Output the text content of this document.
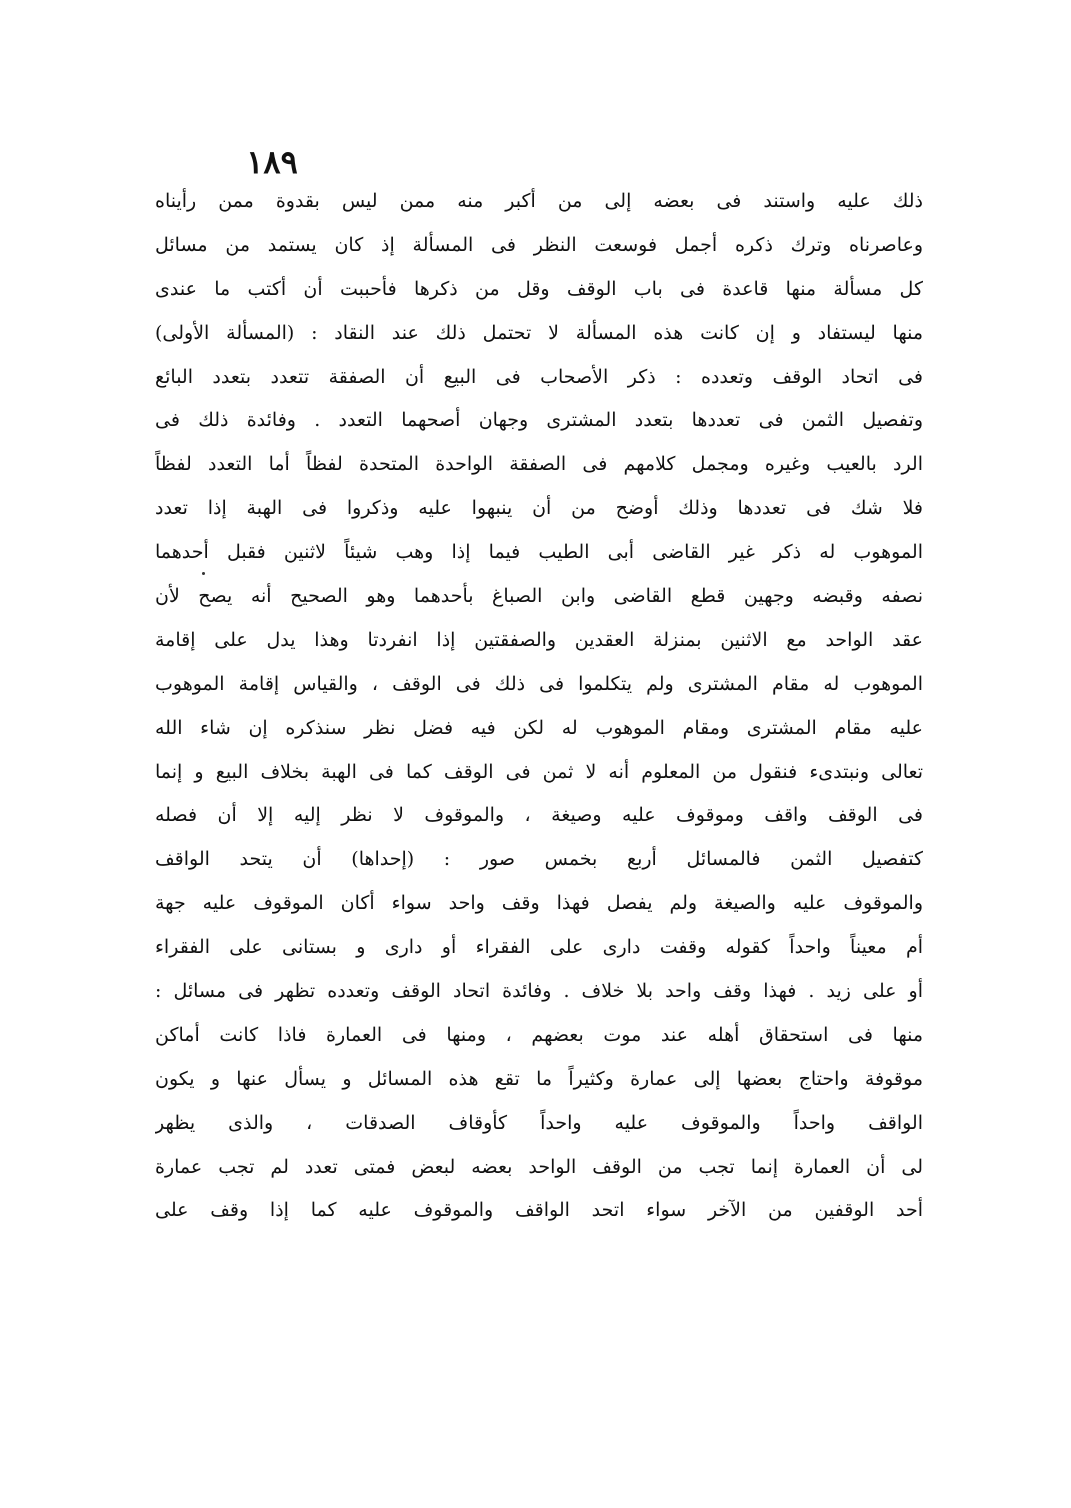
١٨٩
ذلك عليه واستند فى بعضه إلى من أكبر منه ممن ليس بقدوة ممن رأيناه
وعاصرناه وترك ذكره أجمل فوسعت النظر فى المسألة إذ كان يستمد من مسائل
كل مسألة منها قاعدة فى باب الوقف وقل من ذكرها فأحببت أن أكتب ما عندى
منها ليستفاد و إن كانت هذه المسألة لا تحتمل ذلك عند النقاد : (المسألة الأولى)
فى اتحاد الوقف وتعدده : ذكر الأصحاب فى البيع أن الصفقة تتعدد بتعدد البائع
وتفصيل الثمن فى تعددها بتعدد المشترى وجهان أصحهما التعدد . وفائدة ذلك فى
الرد بالعيب وغيره ومجمل كلامهم فى الصفقة الواحدة المتحدة لفظاً أما التعدد لفظاً
فلا شك فى تعددها وذلك أوضح من أن ينبهوا عليه وذكروا فى الهبة إذا تعدد
الموهوب له ذكر غير القاضى أبى الطيب فيما إذا وهب شيئاً لاثنين فقبل أحدهما
نصفه وقبضه وجهين قطع القاضى وابن الصباغ بأحدهما وهو الصحيح أنه يصح لأن
عقد الواحد مع الاثنين بمنزلة العقدين والصفقتين إذا انفردتا وهذا يدل على إقامة
الموهوب له مقام المشترى ولم يتكلموا فى ذلك فى الوقف ، والقياس إقامة الموهوب
عليه مقام المشترى ومقام الموهوب له لكن فيه فضل نظر سنذكره إن شاء الله
تعالى ونبتدىء فنقول من المعلوم أنه لا ثمن فى الوقف كما فى الهبة بخلاف البيع و إنما
فى الوقف واقف وموقوف عليه وصيغة ، والموقوف لا نظر إليه إلا أن فصله
كتفصيل الثمن فالمسائل أربع بخمس صور : (إحداها) أن يتحد الواقف
والموقوف عليه والصيغة ولم يفصل فهذا وقف واحد سواء أكان الموقوف عليه جهة
أم معيناً واحداً كقوله وقفت دارى على الفقراء أو دارى و بستانى على الفقراء
أو على زيد . فهذا وقف واحد بلا خلاف . وفائدة اتحاد الوقف وتعدده تظهر فى مسائل :
منها فى استحقاق أهله عند موت بعضهم ، ومنها فى العمارة فاذا كانت أماكن
موقوفة واحتاج بعضها إلى عمارة وكثيراً ما تقع هذه المسائل و يسأل عنها و يكون
الواقف واحداً والموقوف عليه واحداً كأوقاف الصدقات ، والذى يظهر
لى أن العمارة إنما تجب من الوقف الواحد بعضه لبعض فمتى تعدد لم تجب عمارة
أحد الوقفين من الآخر سواء اتحد الواقف والموقوف عليه كما إذا وقف على
